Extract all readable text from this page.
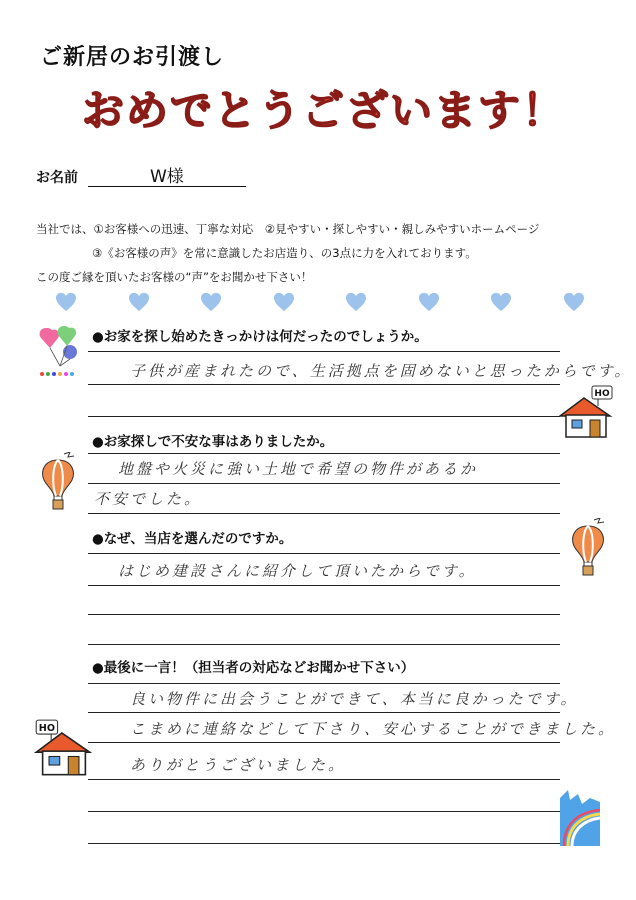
ご新居のお引渡し
おめでとうございます！
お名前	W様
当社では、①お客様への迅速、丁寧な対応　②見やすい・探しやすい・親しみやすいホームページ
③《お客様の声》を常に意識したお店造り、の3点に力を入れております。
この度ご縁を頂いたお客様の“声”をお聞かせ下さい！
●お家を探し始めたきっかけは何だったのでしょうか。
子供が産まれたので、生活拠点を固めないと思ったからです。
HO
●お家探しで不安な事はありましたか。
地盤や火災に強い土地で希望の物件があるか
不安でした。
●なぜ、当店を選んだのですか。
はじめ建設さんに紹介して頂いたからです。
●最後に一言！（担当者の対応などお聞かせ下さい）
良い物件に出会うことができて、本当に良かったです。
こまめに連絡などして下さり、安心することができました。
ありがとうございました。
HO
